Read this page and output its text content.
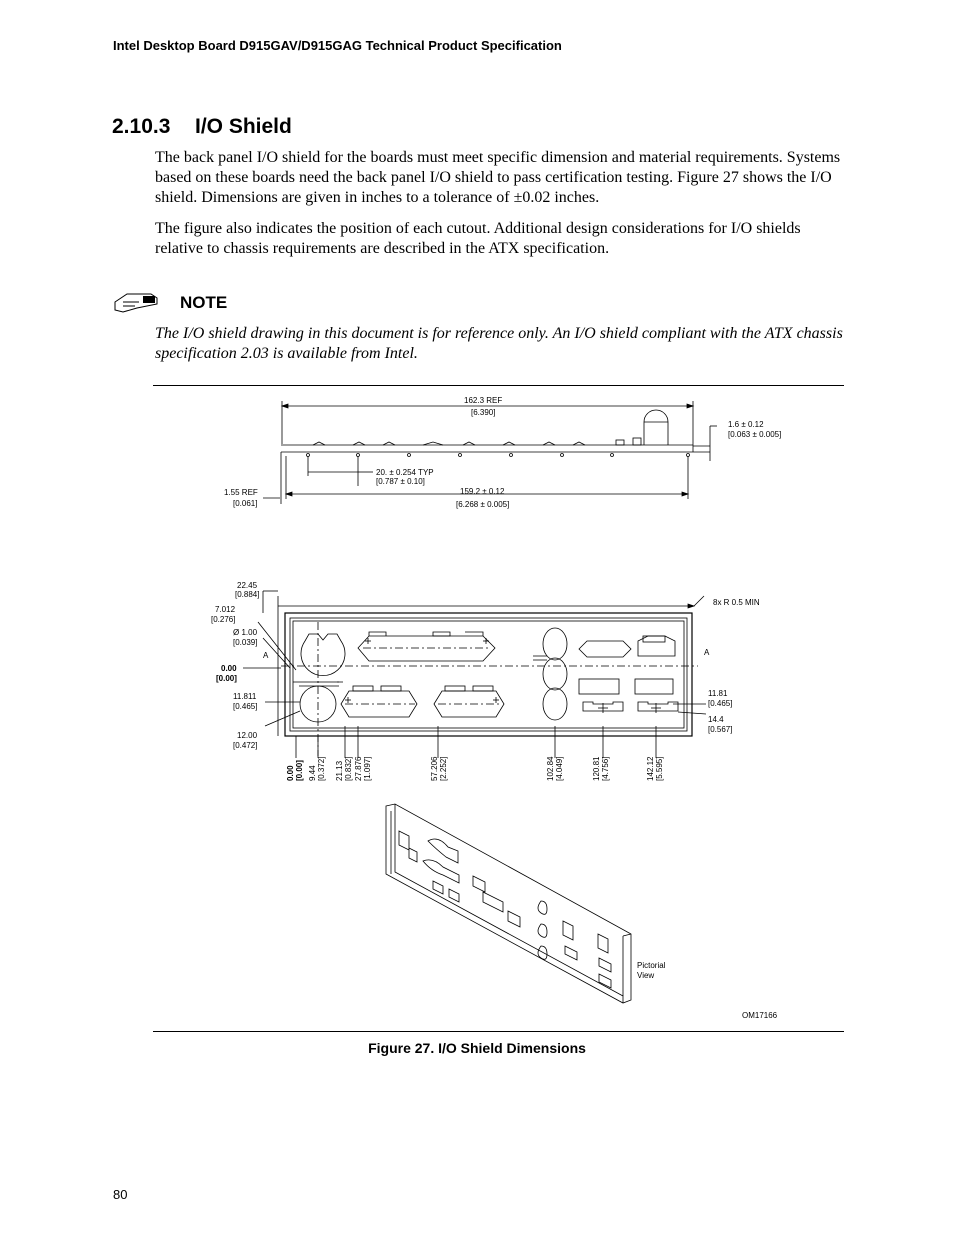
Intel Desktop Board D915GAV/D915GAG Technical Product Specification
2.10.3 I/O Shield

The back panel I/O shield for the boards must meet specific dimension and material requirements. Systems based on these boards need the back panel I/O shield to pass certification testing. Figure 27 shows the I/O shield. Dimensions are given in inches to a tolerance of ±0.02 inches.

The figure also indicates the position of each cutout. Additional design considerations for I/O shields relative to chassis requirements are described in the ATX specification.

NOTE

The I/O shield drawing in this document is for reference only. An I/O shield compliant with the ATX chassis specification 2.03 is available from Intel.

162.3 REF
[6.390]
1.6 ± 0.12
[0.063 ± 0.005]
20. ± 0.254 TYP
[0.787 ± 0.10]
1.55 REF
[0.061]
159.2 ± 0.12
[6.268 ± 0.005]
22.45
[0.884]
7.012
[0.276]
Ø 1.00
[0.039]
A
0.00
[0.00]
11.811
[0.465]
12.00
[0.472]
8x R 0.5 MIN
A
11.81
[0.465]
14.4
[0.567]
0.00 [0.00] 9.44 [0.372] 21.13 [0.832] 27.876 [1.097]	57.206 [2.252]	102.84 [4.049]	120.81 [4.756]	142.12 [5.595]
Pictorial
View
OM17166
Figure 27. I/O Shield Dimensions
80
